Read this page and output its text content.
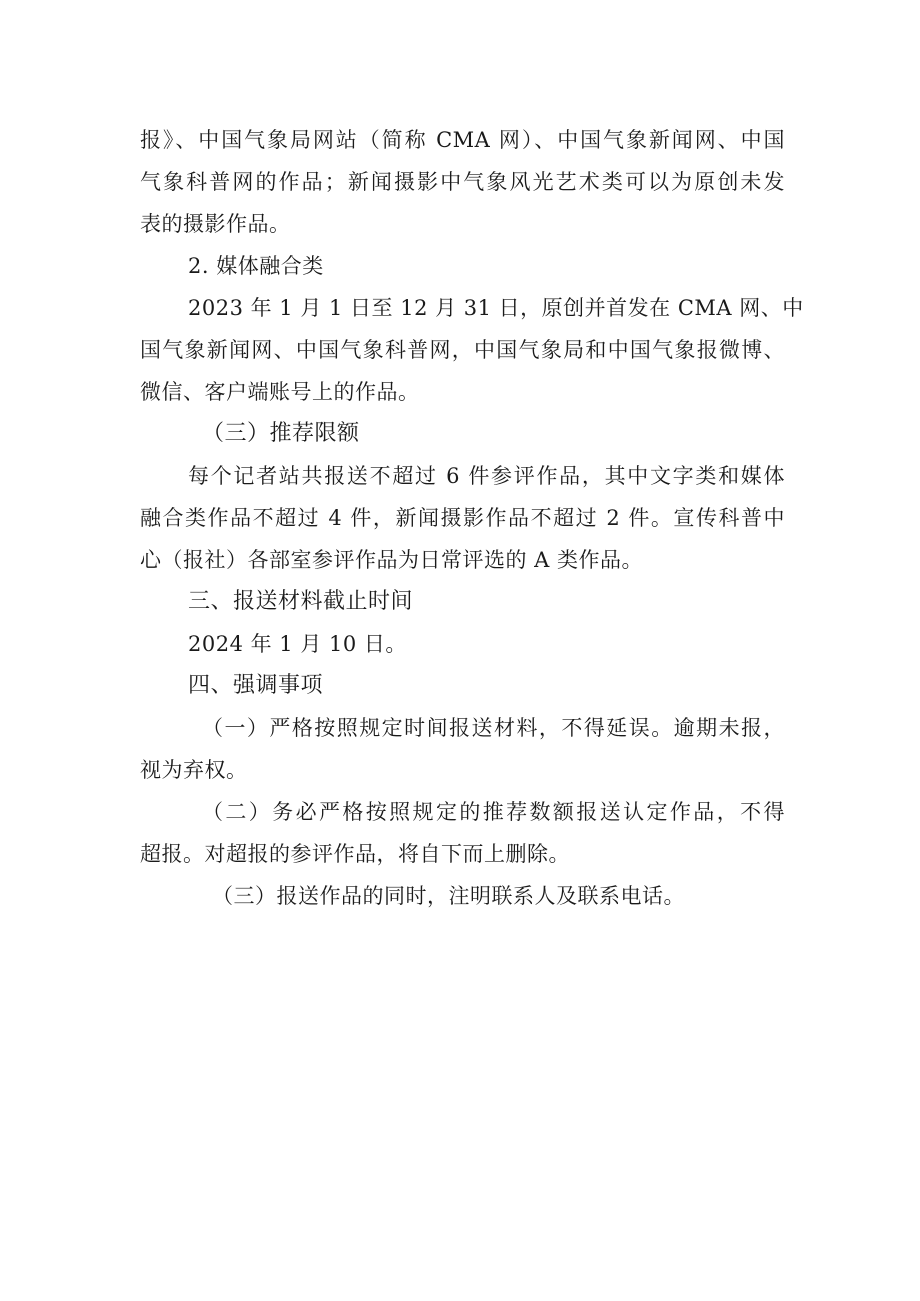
报》、中国气象局网站（简称 CMA 网）、中国气象新闻网、中国
气象科普网的作品；新闻摄影中气象风光艺术类可以为原创未发
表的摄影作品。
2. 媒体融合类
2023 年 1 月 1 日至 12 月 31 日，原创并首发在 CMA 网、中
国气象新闻网、中国气象科普网，中国气象局和中国气象报微博、
微信、客户端账号上的作品。
（三）推荐限额
每个记者站共报送不超过 6 件参评作品，其中文字类和媒体
融合类作品不超过 4 件，新闻摄影作品不超过 2 件。宣传科普中
心（报社）各部室参评作品为日常评选的 A 类作品。
三、报送材料截止时间
2024 年 1 月 10 日。
四、强调事项
（一）严格按照规定时间报送材料，不得延误。逾期未报，
视为弃权。
（二）务必严格按照规定的推荐数额报送认定作品，不得
超报。对超报的参评作品，将自下而上删除。
（三）报送作品的同时，注明联系人及联系电话。
